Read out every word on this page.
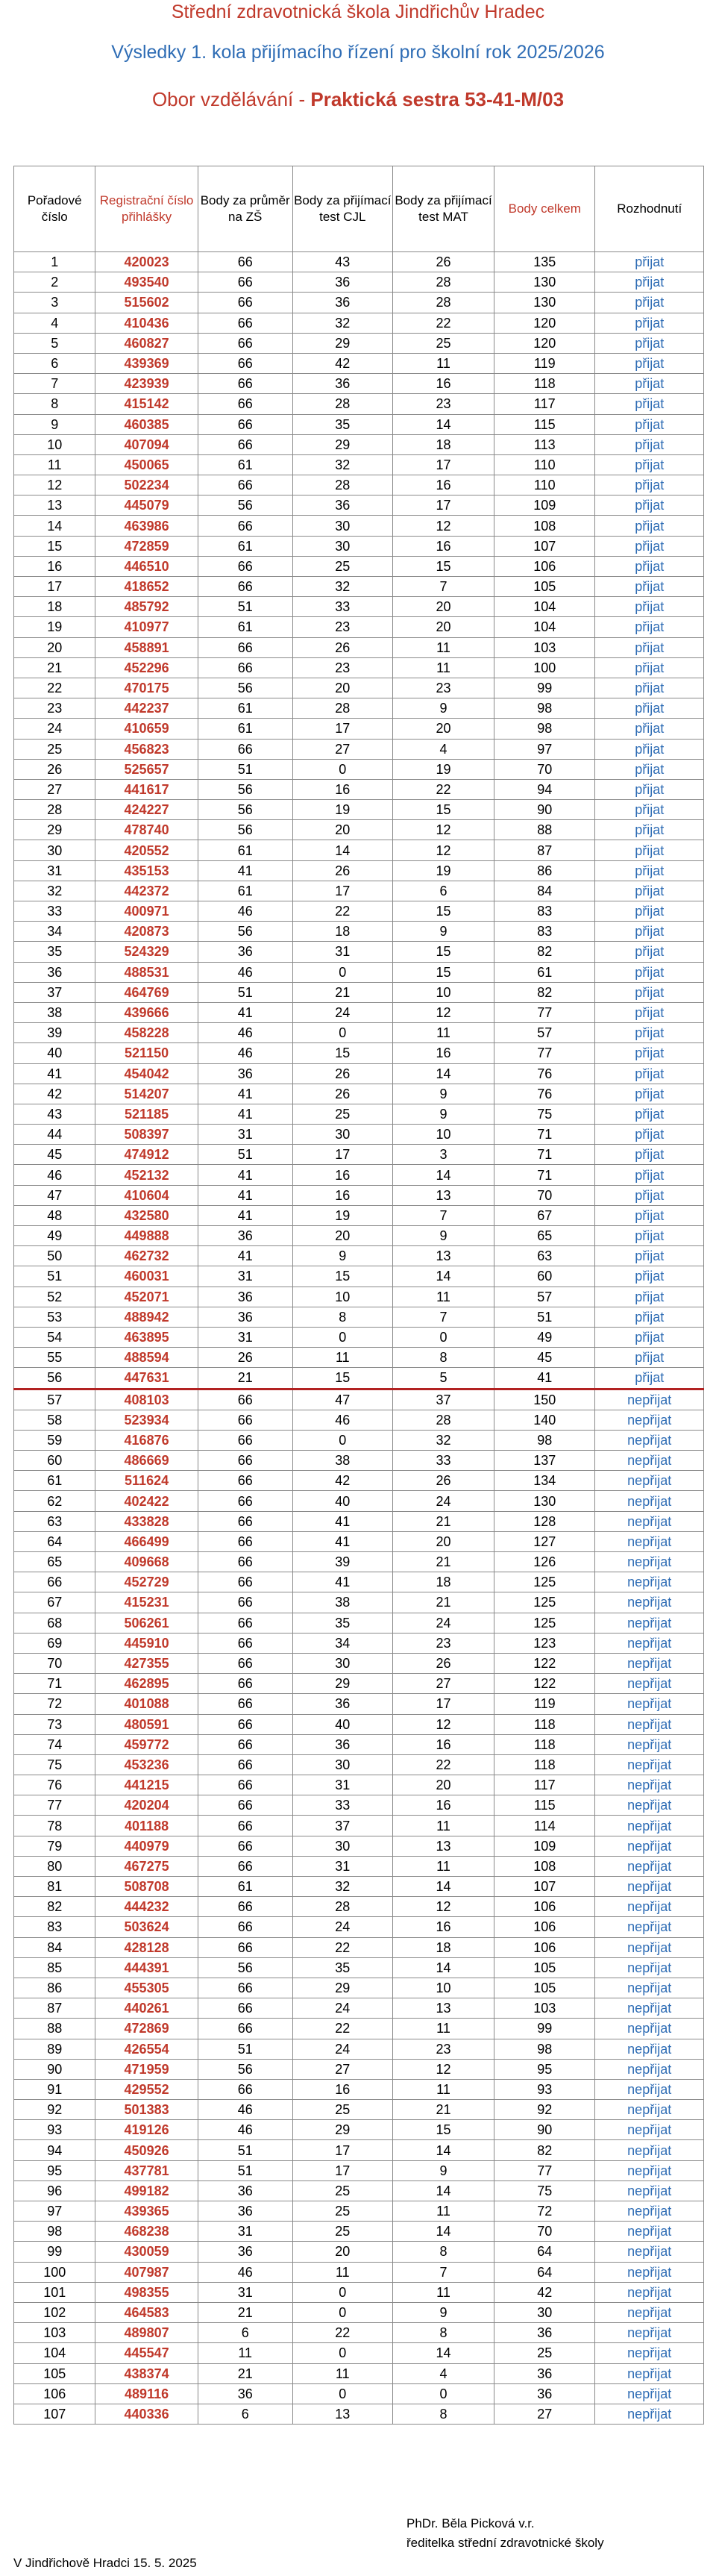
Střední zdravotnická škola Jindřichův Hradec
Výsledky 1. kola přijímacího řízení pro školní rok 2025/2026
Obor vzdělávání - Praktická sestra 53-41-M/03
Pořadové číslo	Registrační číslo přihlášky	Body za průměr na ZŠ	Body za přijímací test CJL	Body za přijímací test MAT	Body celkem	Rozhodnutí
1	420023	66	43	26	135	přijat
2	493540	66	36	28	130	přijat
3	515602	66	36	28	130	přijat
4	410436	66	32	22	120	přijat
5	460827	66	29	25	120	přijat
6	439369	66	42	11	119	přijat
7	423939	66	36	16	118	přijat
8	415142	66	28	23	117	přijat
9	460385	66	35	14	115	přijat
10	407094	66	29	18	113	přijat
11	450065	61	32	17	110	přijat
12	502234	66	28	16	110	přijat
13	445079	56	36	17	109	přijat
14	463986	66	30	12	108	přijat
15	472859	61	30	16	107	přijat
16	446510	66	25	15	106	přijat
17	418652	66	32	7	105	přijat
18	485792	51	33	20	104	přijat
19	410977	61	23	20	104	přijat
20	458891	66	26	11	103	přijat
21	452296	66	23	11	100	přijat
22	470175	56	20	23	99	přijat
23	442237	61	28	9	98	přijat
24	410659	61	17	20	98	přijat
25	456823	66	27	4	97	přijat
26	525657	51	0	19	70	přijat
27	441617	56	16	22	94	přijat
28	424227	56	19	15	90	přijat
29	478740	56	20	12	88	přijat
30	420552	61	14	12	87	přijat
31	435153	41	26	19	86	přijat
32	442372	61	17	6	84	přijat
33	400971	46	22	15	83	přijat
34	420873	56	18	9	83	přijat
35	524329	36	31	15	82	přijat
36	488531	46	0	15	61	přijat
37	464769	51	21	10	82	přijat
38	439666	41	24	12	77	přijat
39	458228	46	0	11	57	přijat
40	521150	46	15	16	77	přijat
41	454042	36	26	14	76	přijat
42	514207	41	26	9	76	přijat
43	521185	41	25	9	75	přijat
44	508397	31	30	10	71	přijat
45	474912	51	17	3	71	přijat
46	452132	41	16	14	71	přijat
47	410604	41	16	13	70	přijat
48	432580	41	19	7	67	přijat
49	449888	36	20	9	65	přijat
50	462732	41	9	13	63	přijat
51	460031	31	15	14	60	přijat
52	452071	36	10	11	57	přijat
53	488942	36	8	7	51	přijat
54	463895	31	0	0	49	přijat
55	488594	26	11	8	45	přijat
56	447631	21	15	5	41	přijat
57	408103	66	47	37	150	nepřijat
58	523934	66	46	28	140	nepřijat
59	416876	66	0	32	98	nepřijat
60	486669	66	38	33	137	nepřijat
61	511624	66	42	26	134	nepřijat
62	402422	66	40	24	130	nepřijat
63	433828	66	41	21	128	nepřijat
64	466499	66	41	20	127	nepřijat
65	409668	66	39	21	126	nepřijat
66	452729	66	41	18	125	nepřijat
67	415231	66	38	21	125	nepřijat
68	506261	66	35	24	125	nepřijat
69	445910	66	34	23	123	nepřijat
70	427355	66	30	26	122	nepřijat
71	462895	66	29	27	122	nepřijat
72	401088	66	36	17	119	nepřijat
73	480591	66	40	12	118	nepřijat
74	459772	66	36	16	118	nepřijat
75	453236	66	30	22	118	nepřijat
76	441215	66	31	20	117	nepřijat
77	420204	66	33	16	115	nepřijat
78	401188	66	37	11	114	nepřijat
79	440979	66	30	13	109	nepřijat
80	467275	66	31	11	108	nepřijat
81	508708	61	32	14	107	nepřijat
82	444232	66	28	12	106	nepřijat
83	503624	66	24	16	106	nepřijat
84	428128	66	22	18	106	nepřijat
85	444391	56	35	14	105	nepřijat
86	455305	66	29	10	105	nepřijat
87	440261	66	24	13	103	nepřijat
88	472869	66	22	11	99	nepřijat
89	426554	51	24	23	98	nepřijat
90	471959	56	27	12	95	nepřijat
91	429552	66	16	11	93	nepřijat
92	501383	46	25	21	92	nepřijat
93	419126	46	29	15	90	nepřijat
94	450926	51	17	14	82	nepřijat
95	437781	51	17	9	77	nepřijat
96	499182	36	25	14	75	nepřijat
97	439365	36	25	11	72	nepřijat
98	468238	31	25	14	70	nepřijat
99	430059	36	20	8	64	nepřijat
100	407987	46	11	7	64	nepřijat
101	498355	31	0	11	42	nepřijat
102	464583	21	0	9	30	nepřijat
103	489807	6	22	8	36	nepřijat
104	445547	11	0	14	25	nepřijat
105	438374	21	11	4	36	nepřijat
106	489116	36	0	0	36	nepřijat
107	440336	6	13	8	27	nepřijat
PhDr. Běla Picková v.r.
ředitelka střední zdravotnické školy
V Jindřichově Hradci 15. 5. 2025
